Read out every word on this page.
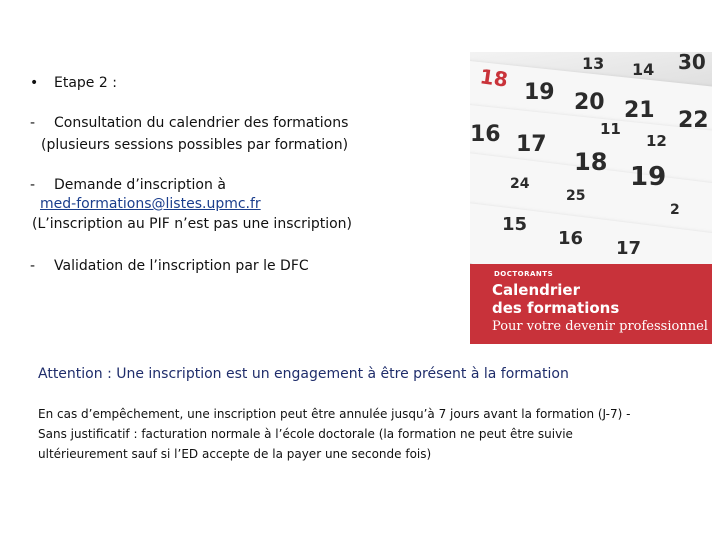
• Etape 2 :
- Consultation du calendrier des formations
(plusieurs sessions possibles par formation)
- Demande d’inscription à
med-formations@listes.upmc.fr
(L’inscription au PIF n’est pas une inscription)
- Validation de l’inscription par le DFC
18
13 14 30
19 20 21 22
16 17
11
12
18 19
24
25
2
15
16 17
DOCTORANTS
Calendrier
des formations
Pour votre devenir professionnel
Attention : Une inscription est un engagement à être présent à la formation
En cas d’empêchement, une inscription peut être annulée jusqu’à 7 jours avant la formation (J-7) -
Sans justificatif : facturation normale à l’école doctorale (la formation ne peut être suivie
ultérieurement sauf si l’ED accepte de la payer une seconde fois)
